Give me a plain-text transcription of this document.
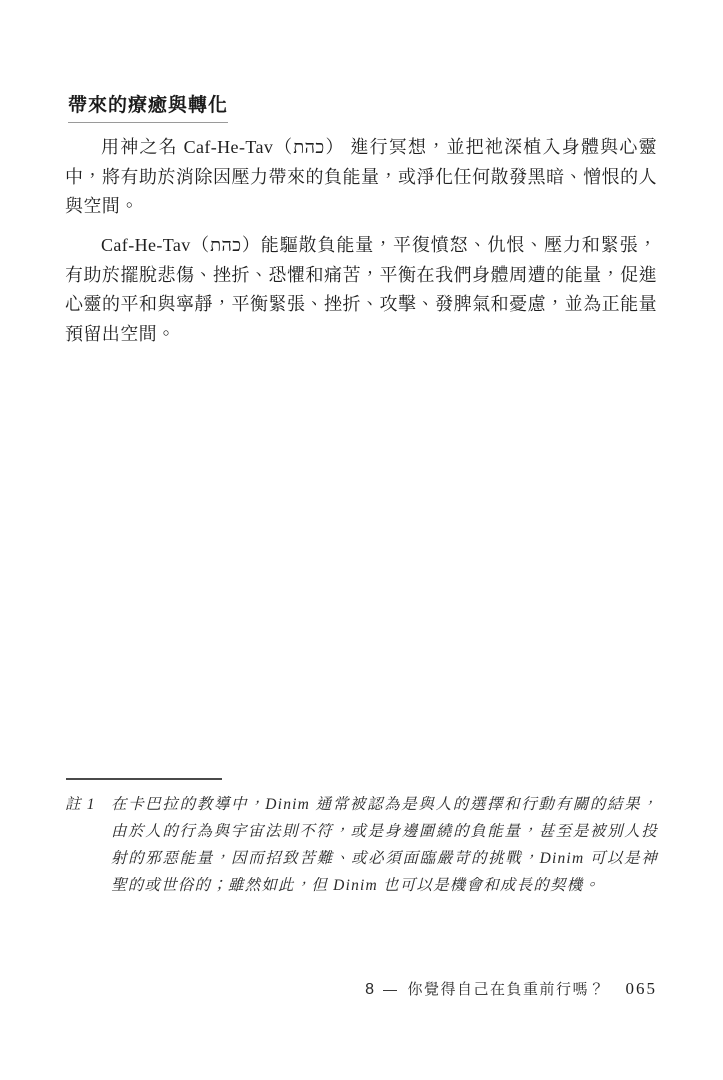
帶來的療癒與轉化

用神之名 Caf-He-Tav（כהת） 進行冥想，並把祂深植入身體與心靈中，將有助於消除因壓力帶來的負能量，或淨化任何散發黑暗、憎恨的人與空間。

Caf-He-Tav（כהת）能驅散負能量，平復憤怒、仇恨、壓力和緊張，有助於擺脫悲傷、挫折、恐懼和痛苦，平衡在我們身體周遭的能量，促進心靈的平和與寧靜，平衡緊張、挫折、攻擊、發脾氣和憂慮，並為正能量預留出空間。

註 1 在卡巴拉的教導中，Dinim 通常被認為是與人的選擇和行動有關的結果，由於人的行為與宇宙法則不符，或是身邊圍繞的負能量，甚至是被別人投射的邪惡能量，因而招致苦難、或必須面臨嚴苛的挑戰，Dinim 可以是神聖的或世俗的；雖然如此，但 Dinim 也可以是機會和成長的契機。
8 — 你覺得自己在負重前行嗎？ 065
